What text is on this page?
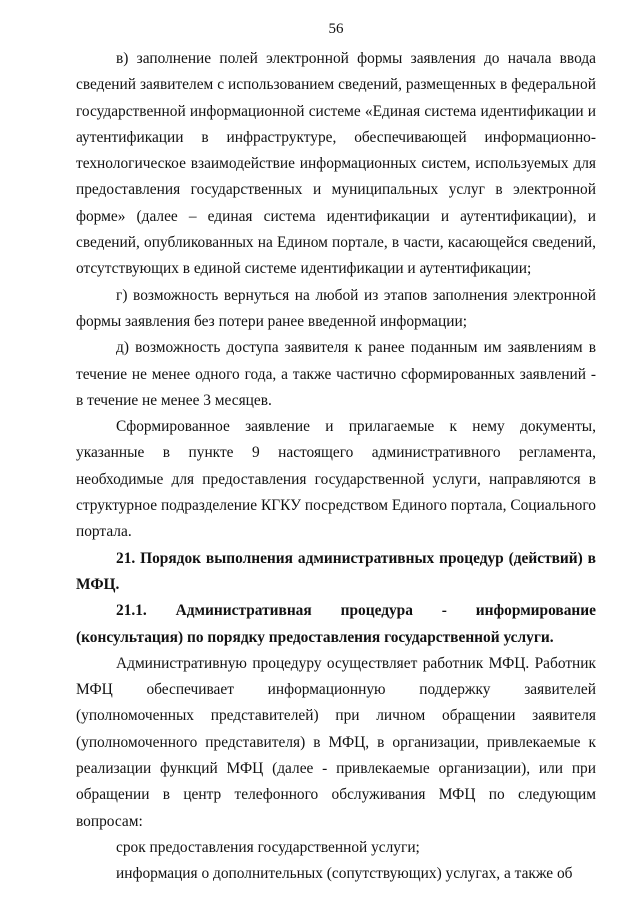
56

в) заполнение полей электронной формы заявления до начала ввода сведений заявителем с использованием сведений, размещенных в федеральной государственной информационной системе «Единая система идентификации и аутентификации в инфраструктуре, обеспечивающей информационно-технологическое взаимодействие информационных систем, используемых для предоставления государственных и муниципальных услуг в электронной форме» (далее – единая система идентификации и аутентификации), и сведений, опубликованных на Едином портале, в части, касающейся сведений, отсутствующих в единой системе идентификации и аутентификации;

г) возможность вернуться на любой из этапов заполнения электронной формы заявления без потери ранее введенной информации;

д) возможность доступа заявителя к ранее поданным им заявлениям в течение не менее одного года, а также частично сформированных заявлений - в течение не менее 3 месяцев.

Сформированное заявление и прилагаемые к нему документы, указанные в пункте 9 настоящего административного регламента, необходимые для предоставления государственной услуги, направляются в структурное подразделение КГКУ посредством Единого портала, Социального портала.

21. Порядок выполнения административных процедур (действий) в МФЦ.

21.1. Административная процедура - информирование (консультация) по порядку предоставления государственной услуги.

Административную процедуру осуществляет работник МФЦ. Работник МФЦ обеспечивает информационную поддержку заявителей (уполномоченных представителей) при личном обращении заявителя (уполномоченного представителя) в МФЦ, в организации, привлекаемые к реализации функций МФЦ (далее - привлекаемые организации), или при обращении в центр телефонного обслуживания МФЦ по следующим вопросам:

срок предоставления государственной услуги;

информация о дополнительных (сопутствующих) услугах, а также об
